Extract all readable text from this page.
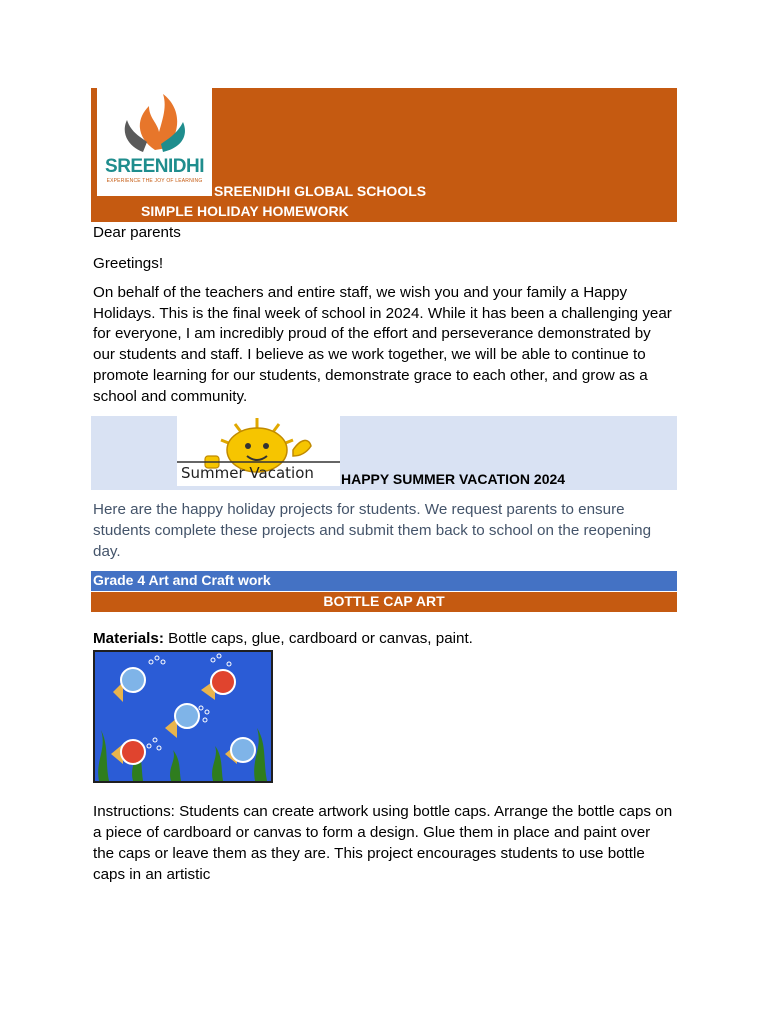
SREENIDHI
EXPERIENCE THE JOY OF LEARNING
SREENIDHI GLOBAL SCHOOLS
SIMPLE HOLIDAY HOMEWORK
Dear parents
Greetings!
On behalf of the teachers and entire staff, we wish you and your family a Happy Holidays. This is the final week of school in 2024. While it has been a challenging year for everyone, I am incredibly proud of the effort and perseverance demonstrated by our students and staff. I believe as we work together, we will be able to continue to promote learning for our students, demonstrate grace to each other, and grow as a school and community.
Summer Vacation HAPPY SUMMER VACATION 2024
Here are the happy holiday projects for students. We request parents to ensure students complete these projects and submit them back to school on the reopening day.
Grade 4 Art and Craft work
BOTTLE CAP ART
Materials: Bottle caps, glue, cardboard or canvas, paint.
Instructions: Students can create artwork using bottle caps. Arrange the bottle caps on a piece of cardboard or canvas to form a design. Glue them in place and paint over the caps or leave them as they are. This project encourages students to use bottle caps in an artistic
